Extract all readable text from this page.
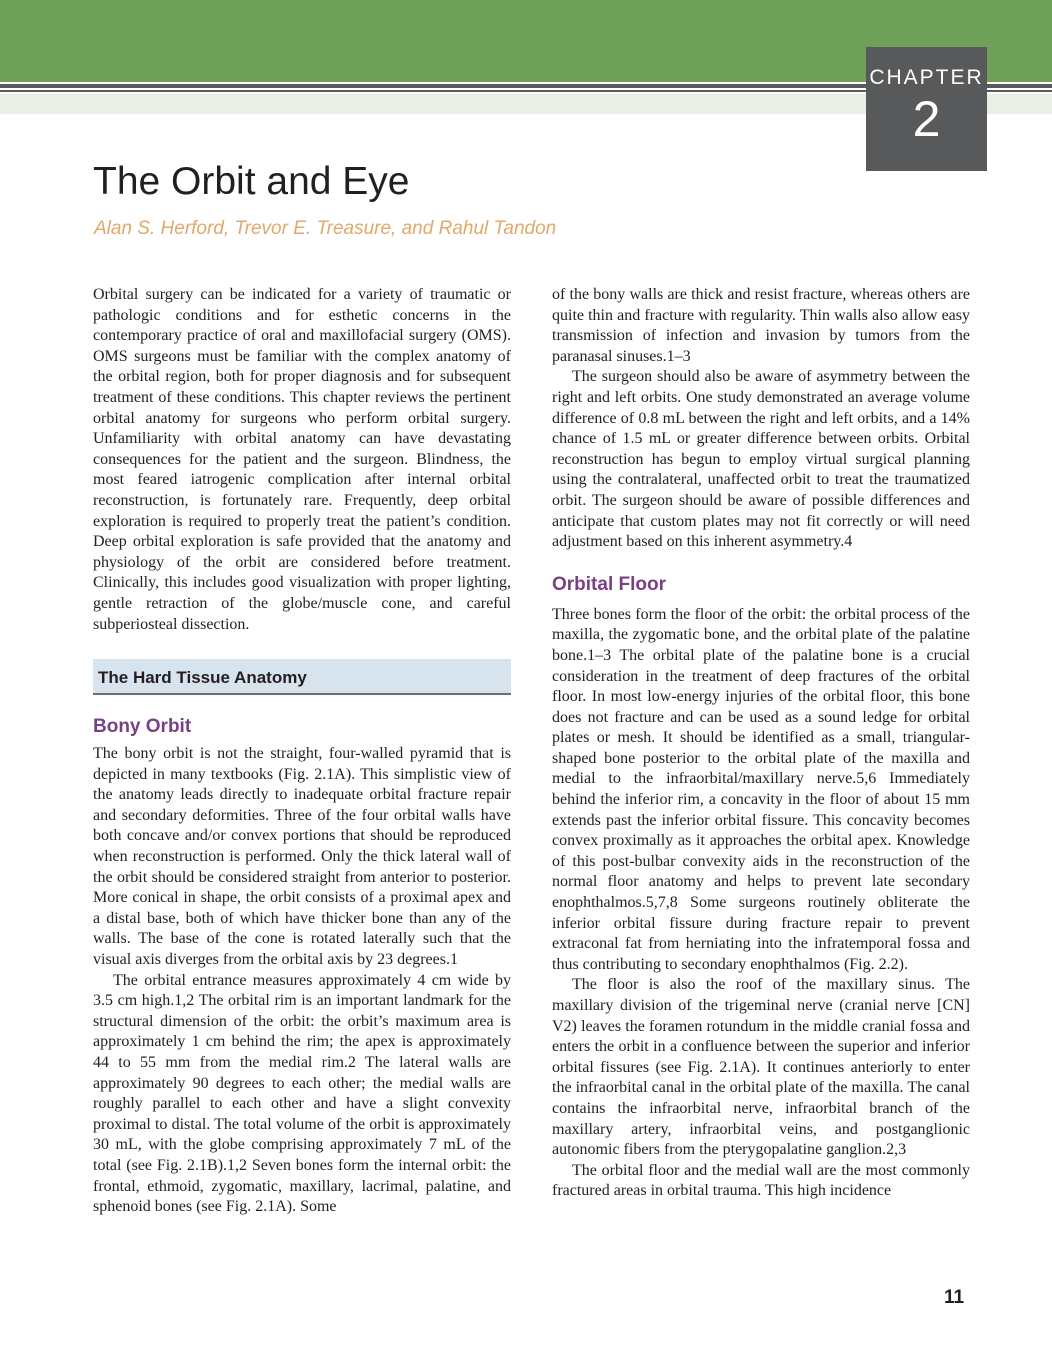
CHAPTER
2
The Orbit and Eye
Alan S. Herford, Trevor E. Treasure, and Rahul Tandon

Orbital surgery can be indicated for a variety of traumatic or pathologic conditions and for esthetic concerns in the contemporary practice of oral and maxillofacial surgery (OMS). OMS surgeons must be familiar with the complex anatomy of the orbital region, both for proper diagnosis and for subsequent treatment of these conditions. This chapter reviews the pertinent orbital anatomy for surgeons who perform orbital surgery. Unfamiliarity with orbital anatomy can have devastating consequences for the patient and the surgeon. Blindness, the most feared iatrogenic complication after internal orbital reconstruction, is fortunately rare. Frequently, deep orbital exploration is required to properly treat the patient’s condition. Deep orbital exploration is safe provided that the anatomy and physiology of the orbit are considered before treatment. Clinically, this includes good visualization with proper lighting, gentle retraction of the globe/muscle cone, and careful subperiosteal dissection.

The Hard Tissue Anatomy
Bony Orbit

The bony orbit is not the straight, four-walled pyramid that is depicted in many textbooks (Fig. 2.1A). This simplistic view of the anatomy leads directly to inadequate orbital fracture repair and secondary deformities. Three of the four orbital walls have both concave and/or convex portions that should be reproduced when reconstruction is performed. Only the thick lateral wall of the orbit should be considered straight from anterior to posterior. More conical in shape, the orbit consists of a proximal apex and a distal base, both of which have thicker bone than any of the walls. The base of the cone is rotated laterally such that the visual axis diverges from the orbital axis by 23 degrees.1

The orbital entrance measures approximately 4 cm wide by 3.5 cm high.1,2 The orbital rim is an important landmark for the structural dimension of the orbit: the orbit’s maximum area is approximately 1 cm behind the rim; the apex is approximately 44 to 55 mm from the medial rim.2 The lateral walls are approximately 90 degrees to each other; the medial walls are roughly parallel to each other and have a slight convexity proximal to distal. The total volume of the orbit is approximately 30 mL, with the globe comprising approximately 7 mL of the total (see Fig. 2.1B).1,2 Seven bones form the internal orbit: the frontal, ethmoid, zygomatic, maxillary, lacrimal, palatine, and sphenoid bones (see Fig. 2.1A). Some

of the bony walls are thick and resist fracture, whereas others are quite thin and fracture with regularity. Thin walls also allow easy transmission of infection and invasion by tumors from the paranasal sinuses.1–3

The surgeon should also be aware of asymmetry between the right and left orbits. One study demonstrated an average volume difference of 0.8 mL between the right and left orbits, and a 14% chance of 1.5 mL or greater difference between orbits. Orbital reconstruction has begun to employ virtual surgical planning using the contralateral, unaffected orbit to treat the traumatized orbit. The surgeon should be aware of possible differences and anticipate that custom plates may not fit correctly or will need adjustment based on this inherent asymmetry.4

Orbital Floor

Three bones form the floor of the orbit: the orbital process of the maxilla, the zygomatic bone, and the orbital plate of the palatine bone.1–3 The orbital plate of the palatine bone is a crucial consideration in the treatment of deep fractures of the orbital floor. In most low-energy injuries of the orbital floor, this bone does not fracture and can be used as a sound ledge for orbital plates or mesh. It should be identified as a small, triangular-shaped bone posterior to the orbital plate of the maxilla and medial to the infraorbital/maxillary nerve.5,6 Immediately behind the inferior rim, a concavity in the floor of about 15 mm extends past the inferior orbital fissure. This concavity becomes convex proximally as it approaches the orbital apex. Knowledge of this post-bulbar convexity aids in the reconstruction of the normal floor anatomy and helps to prevent late secondary enophthalmos.5,7,8 Some surgeons routinely obliterate the inferior orbital fissure during fracture repair to prevent extraconal fat from herniating into the infratemporal fossa and thus contributing to secondary enophthalmos (Fig. 2.2).

The floor is also the roof of the maxillary sinus. The maxillary division of the trigeminal nerve (cranial nerve [CN] V2) leaves the foramen rotundum in the middle cranial fossa and enters the orbit in a confluence between the superior and inferior orbital fissures (see Fig. 2.1A). It continues anteriorly to enter the infraorbital canal in the orbital plate of the maxilla. The canal contains the infraorbital nerve, infraorbital branch of the maxillary artery, infraorbital veins, and postganglionic autonomic fibers from the pterygopalatine ganglion.2,3

The orbital floor and the medial wall are the most commonly fractured areas in orbital trauma. This high incidence

11
